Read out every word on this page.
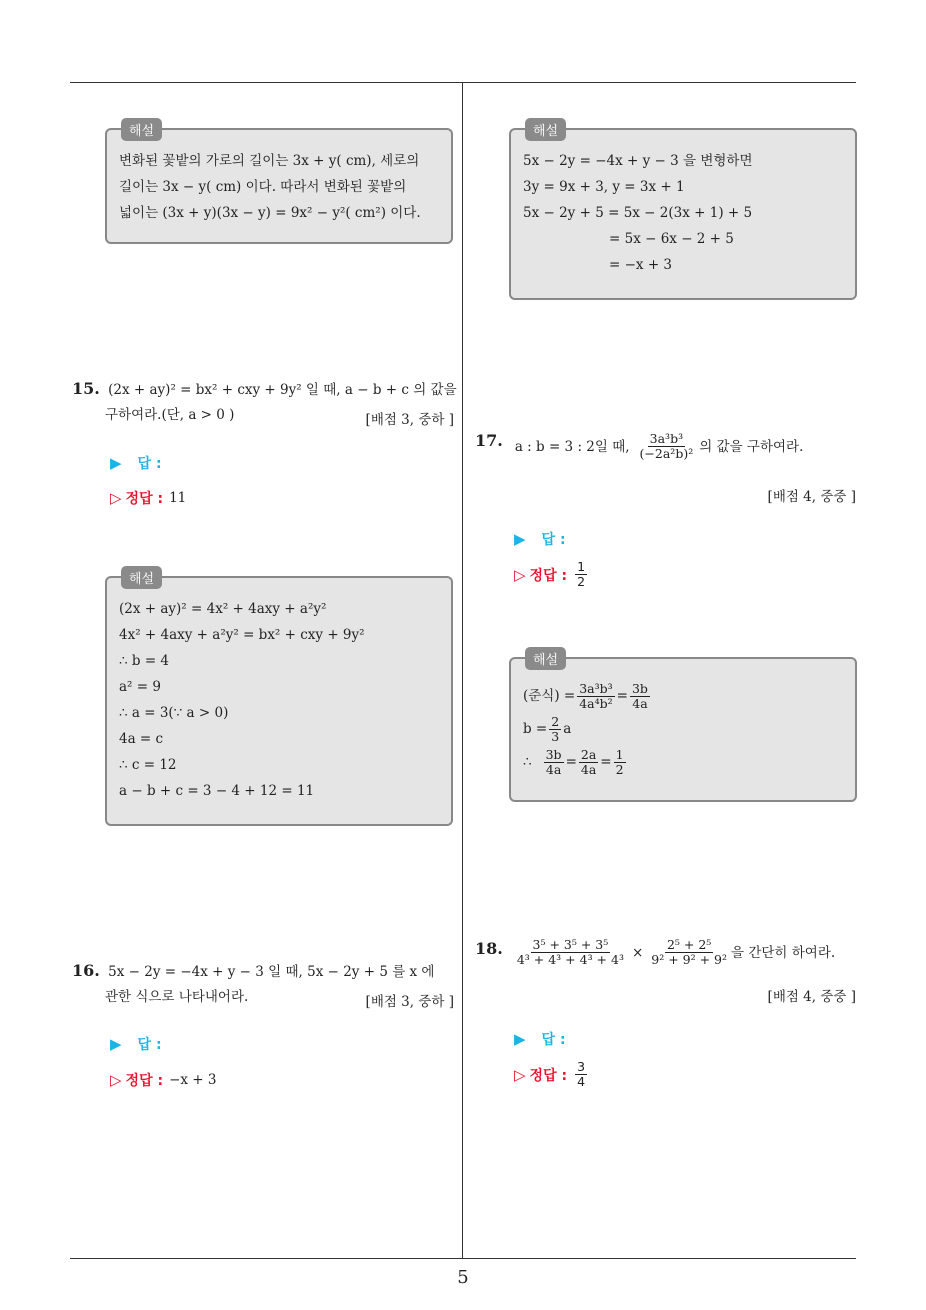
5
해설
변화된 꽃밭의 가로의 길이는 3x + y( cm), 세로의
길이는 3x − y( cm) 이다. 따라서 변화된 꽃밭의
넓이는 (3x + y)(3x − y) = 9x² − y²( cm²) 이다.
해설
5x − 2y = −4x + y − 3 을 변형하면
3y = 9x + 3, y = 3x + 1
5x − 2y + 5 = 5x − 2(3x + 1) + 5
= 5x − 6x − 2 + 5
= −x + 3
15. (2x + ay)² = bx² + cxy + 9y² 일 때, a − b + c 의 값을
구하여라.(단, a > 0 )	[배점 3, 중하 ]
▶ 답 :
▷ 정답 : 11
해설
(2x + ay)² = 4x² + 4axy + a²y²
4x² + 4axy + a²y² = bx² + cxy + 9y²
∴ b = 4
a² = 9
∴ a = 3(∵ a > 0)
4a = c
∴ c = 12
a − b + c = 3 − 4 + 12 = 11
16. 5x − 2y = −4x + y − 3 일 때, 5x − 2y + 5 를 x 에
관한 식으로 나타내어라.	[배점 3, 중하 ]
▶ 답 :
▷ 정답 : −x + 3
17. a : b = 3 : 2일 때, $\frac{\text{3a³b³}}{\text{(−2a²b)²}}$ 의 값을 구하여라.
[배점 4, 중중 ]
▶ 답 :
▷ 정답 : $\frac{1}{2}$
해설
(준식) = $\frac{\text{3a³b³}}{\text{4a⁴b²}} = \frac{3b}{4a}$
$b = \frac{2}{3}$ a
∴ $\frac{3b}{4a} = \frac{2a}{4a} = \frac{1}{2}$
18. $\frac{\text{3⁵ + 3⁵ + 3⁵}}{\text{4³ + 4³ + 4³ + 4³}} \times \frac{\text{2⁵ + 2⁵}}{\text{9² + 9² + 9²}}$ 을 간단히 하여라.
[배점 4, 중중 ]
▶ 답 :
▷ 정답 : $\frac{3}{4}$
